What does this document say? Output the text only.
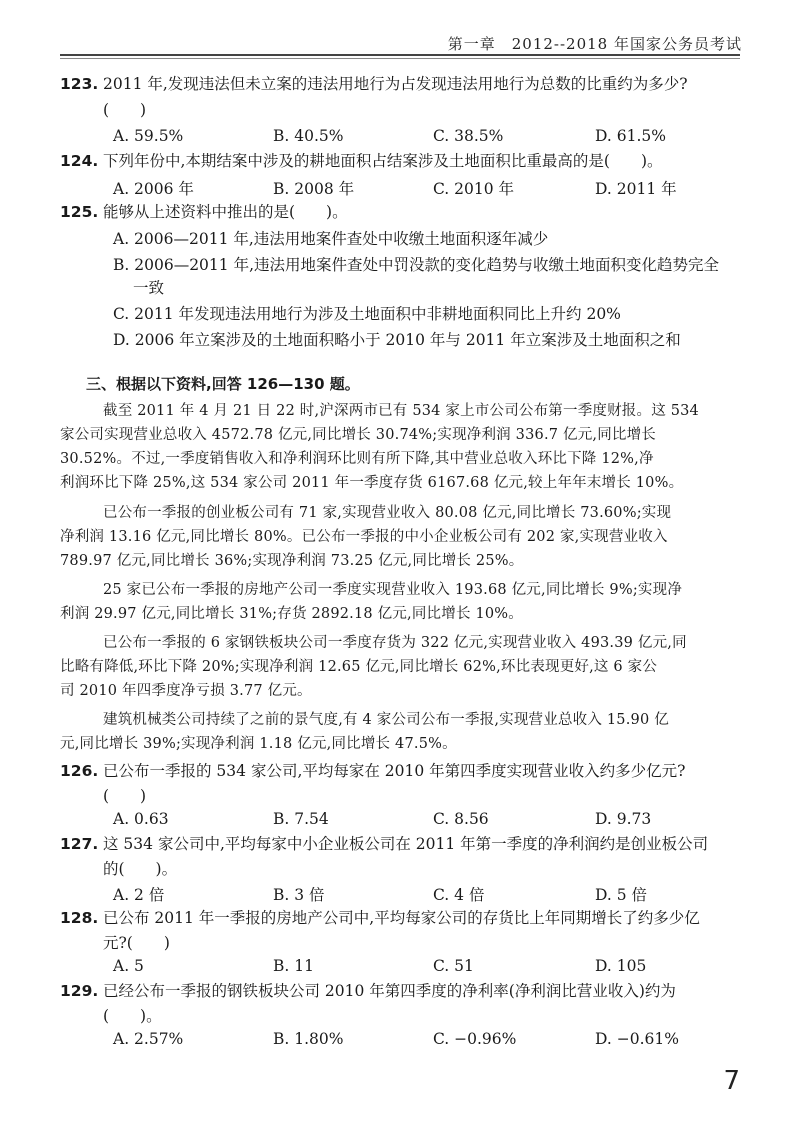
第一章　2012--2018 年国家公务员考试
123. 2011 年,发现违法但未立案的违法用地行为占发现违法用地行为总数的比重约为多少?
(　　)
A. 59.5%	B. 40.5%	C. 38.5%	D. 61.5%
124. 下列年份中,本期结案中涉及的耕地面积占结案涉及土地面积比重最高的是(　　)。
A. 2006 年	B. 2008 年	C. 2010 年	D. 2011 年
125. 能够从上述资料中推出的是(　　)。
A. 2006—2011 年,违法用地案件查处中收缴土地面积逐年减少
B. 2006—2011 年,违法用地案件查处中罚没款的变化趋势与收缴土地面积变化趋势完全
一致
C. 2011 年发现违法用地行为涉及土地面积中非耕地面积同比上升约 20%
D. 2006 年立案涉及的土地面积略小于 2010 年与 2011 年立案涉及土地面积之和
三、根据以下资料,回答 126—130 题。
截至 2011 年 4 月 21 日 22 时,沪深两市已有 534 家上市公司公布第一季度财报。这 534
家公司实现营业总收入 4572.78 亿元,同比增长 30.74%;实现净利润 336.7 亿元,同比增长
30.52%。不过,一季度销售收入和净利润环比则有所下降,其中营业总收入环比下降 12%,净
利润环比下降 25%,这 534 家公司 2011 年一季度存货 6167.68 亿元,较上年年末增长 10%。
已公布一季报的创业板公司有 71 家,实现营业收入 80.08 亿元,同比增长 73.60%;实现
净利润 13.16 亿元,同比增长 80%。已公布一季报的中小企业板公司有 202 家,实现营业收入
789.97 亿元,同比增长 36%;实现净利润 73.25 亿元,同比增长 25%。
25 家已公布一季报的房地产公司一季度实现营业收入 193.68 亿元,同比增长 9%;实现净
利润 29.97 亿元,同比增长 31%;存货 2892.18 亿元,同比增长 10%。
已公布一季报的 6 家钢铁板块公司一季度存货为 322 亿元,实现营业收入 493.39 亿元,同
比略有降低,环比下降 20%;实现净利润 12.65 亿元,同比增长 62%,环比表现更好,这 6 家公
司 2010 年四季度净亏损 3.77 亿元。
建筑机械类公司持续了之前的景气度,有 4 家公司公布一季报,实现营业总收入 15.90 亿
元,同比增长 39%;实现净利润 1.18 亿元,同比增长 47.5%。
126. 已公布一季报的 534 家公司,平均每家在 2010 年第四季度实现营业收入约多少亿元?
(　　)
A. 0.63	B. 7.54	C. 8.56	D. 9.73
127. 这 534 家公司中,平均每家中小企业板公司在 2011 年第一季度的净利润约是创业板公司
的(　　)。
A. 2 倍	B. 3 倍	C. 4 倍	D. 5 倍
128. 已公布 2011 年一季报的房地产公司中,平均每家公司的存货比上年同期增长了约多少亿
元?(　　)
A. 5	B. 11	C. 51	D. 105
129. 已经公布一季报的钢铁板块公司 2010 年第四季度的净利率(净利润比营业收入)约为
(　　)。
A. 2.57%	B. 1.80%	C. −0.96%	D. −0.61%
7
